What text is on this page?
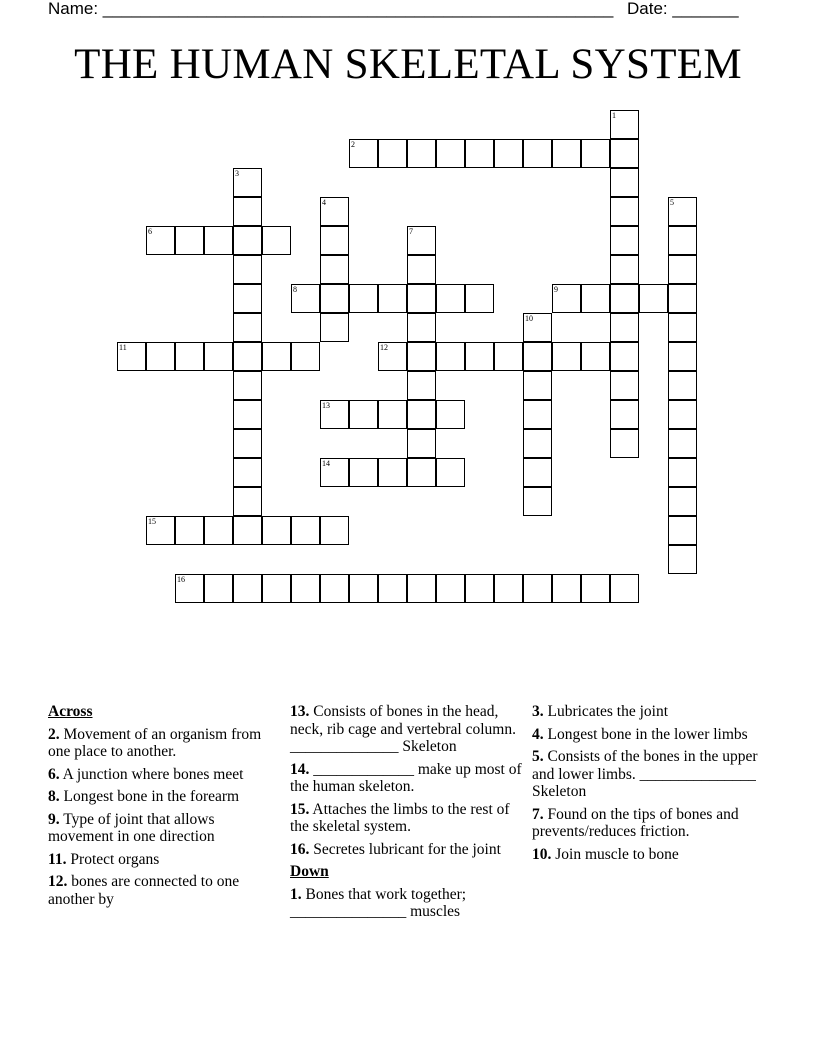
Name: ______________________________________________________ Date: _______
THE HUMAN SKELETAL SYSTEM
1
2
3
4	5
6	7
8	9
10
11	12
13
14
15
16
Across
2. Movement of an organism from one place to another.
6. A junction where bones meet
8. Longest bone in the forearm
9. Type of joint that allows movement in one direction
11. Protect organs
12. bones are connected to one another by
13. Consists of bones in the head, neck, rib cage and vertebral column. ______________ Skeleton
14. _____________ make up most of the human skeleton.
15. Attaches the limbs to the rest of the skeletal system.
16. Secretes lubricant for the joint
Down
1. Bones that work together; _______________ muscles
3. Lubricates the joint
4. Longest bone in the lower limbs
5. Consists of the bones in the upper and lower limbs. _______________ Skeleton
7. Found on the tips of bones and prevents/reduces friction.
10. Join muscle to bone
